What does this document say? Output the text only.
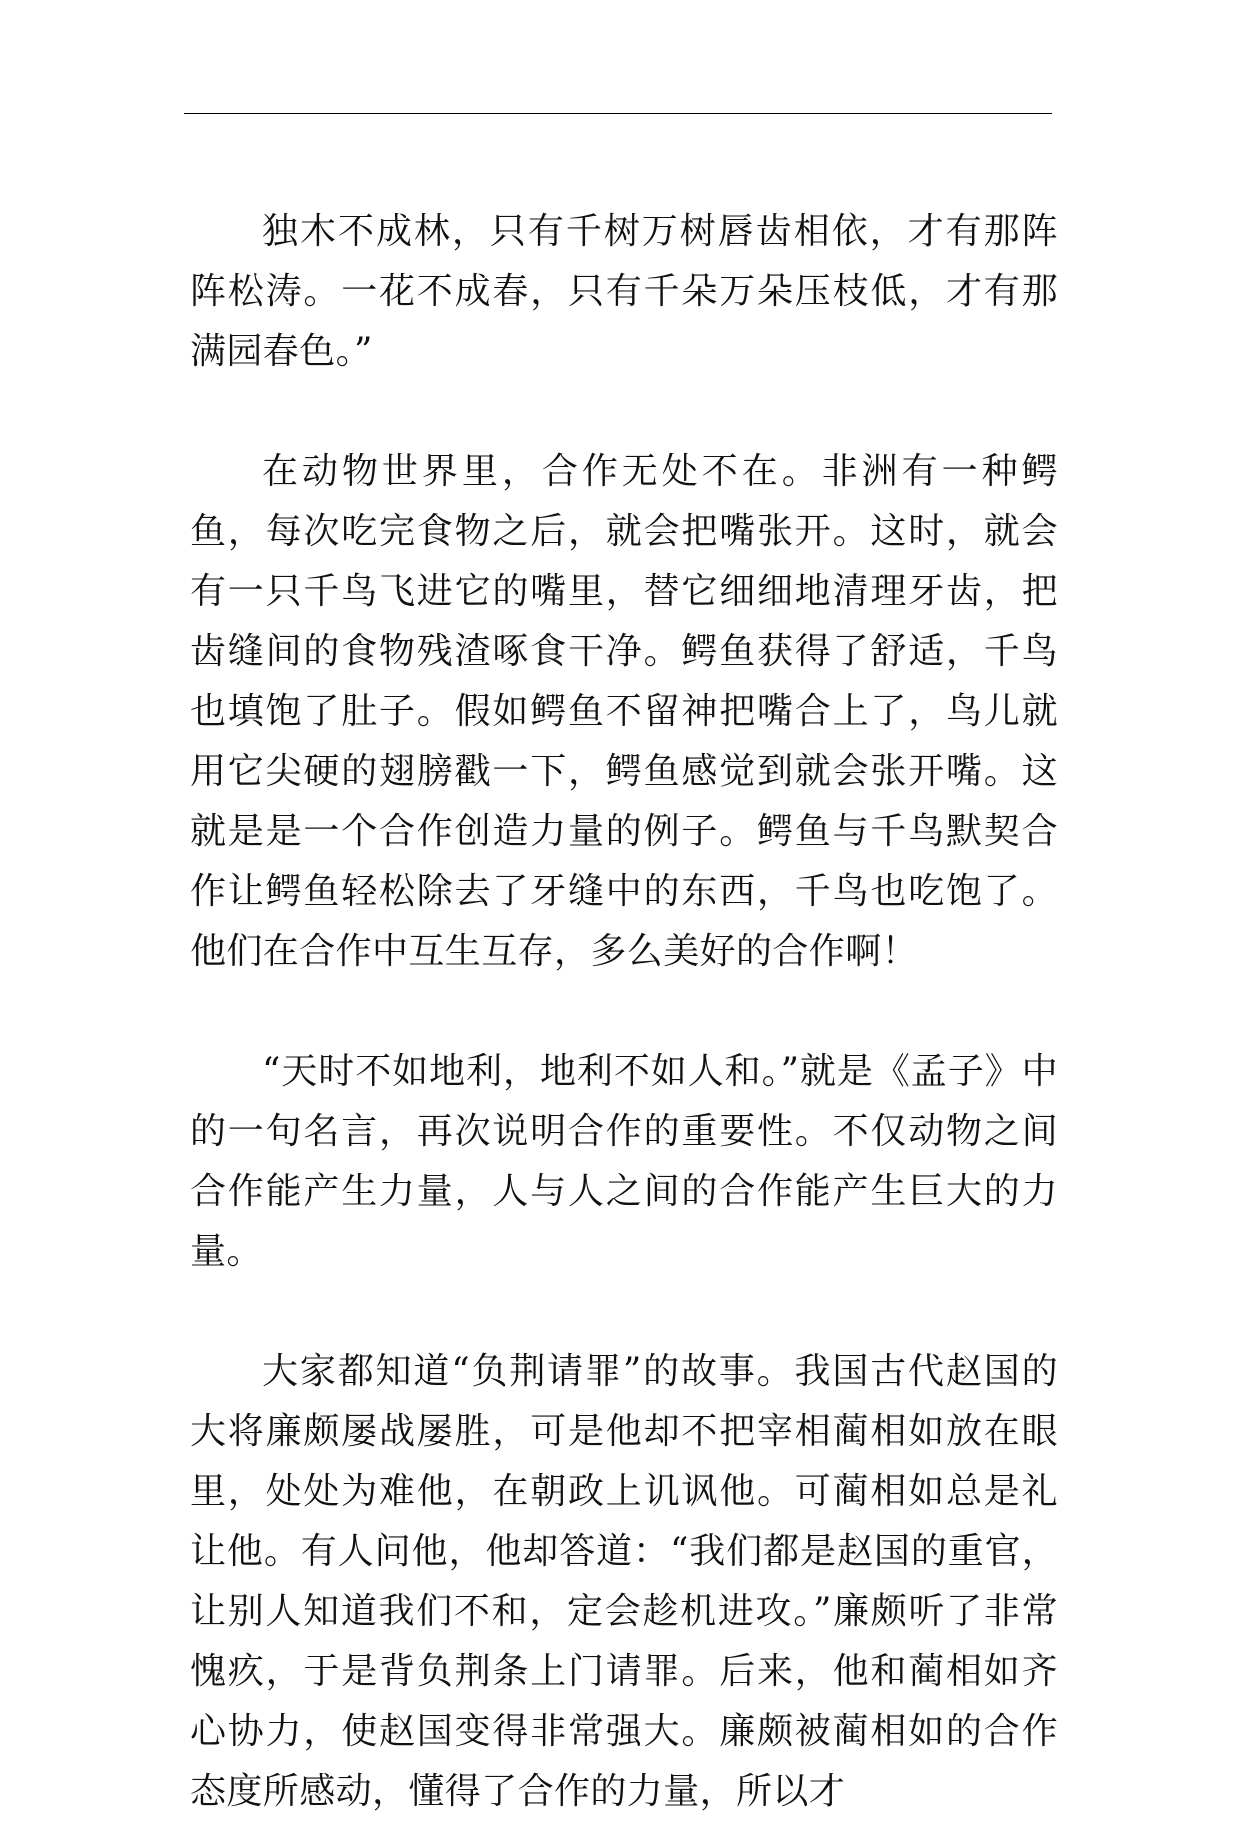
独木不成林，只有千树万树唇齿相依，才有那阵阵松涛。一花不成春，只有千朵万朵压枝低，才有那满园春色。”

在动物世界里，合作无处不在。非洲有一种鳄鱼，每次吃完食物之后，就会把嘴张开。这时，就会有一只千鸟飞进它的嘴里，替它细细地清理牙齿，把齿缝间的食物残渣啄食干净。鳄鱼获得了舒适，千鸟也填饱了肚子。假如鳄鱼不留神把嘴合上了，鸟儿就用它尖硬的翅膀戳一下，鳄鱼感觉到就会张开嘴。这就是是一个合作创造力量的例子。鳄鱼与千鸟默契合作让鳄鱼轻松除去了牙缝中的东西，千鸟也吃饱了。他们在合作中互生互存，多么美好的合作啊！

“天时不如地利，地利不如人和。”就是《孟子》中的一句名言，再次说明合作的重要性。不仅动物之间合作能产生力量，人与人之间的合作能产生巨大的力量。

大家都知道“负荆请罪”的故事。我国古代赵国的大将廉颇屡战屡胜，可是他却不把宰相蔺相如放在眼里，处处为难他，在朝政上讥讽他。可蔺相如总是礼让他。有人问他，他却答道：“我们都是赵国的重官，让别人知道我们不和，定会趁机进攻。”廉颇听了非常愧疚，于是背负荆条上门请罪。后来，他和蔺相如齐心协力，使赵国变得非常强大。廉颇被蔺相如的合作态度所感动，懂得了合作的力量，所以才
